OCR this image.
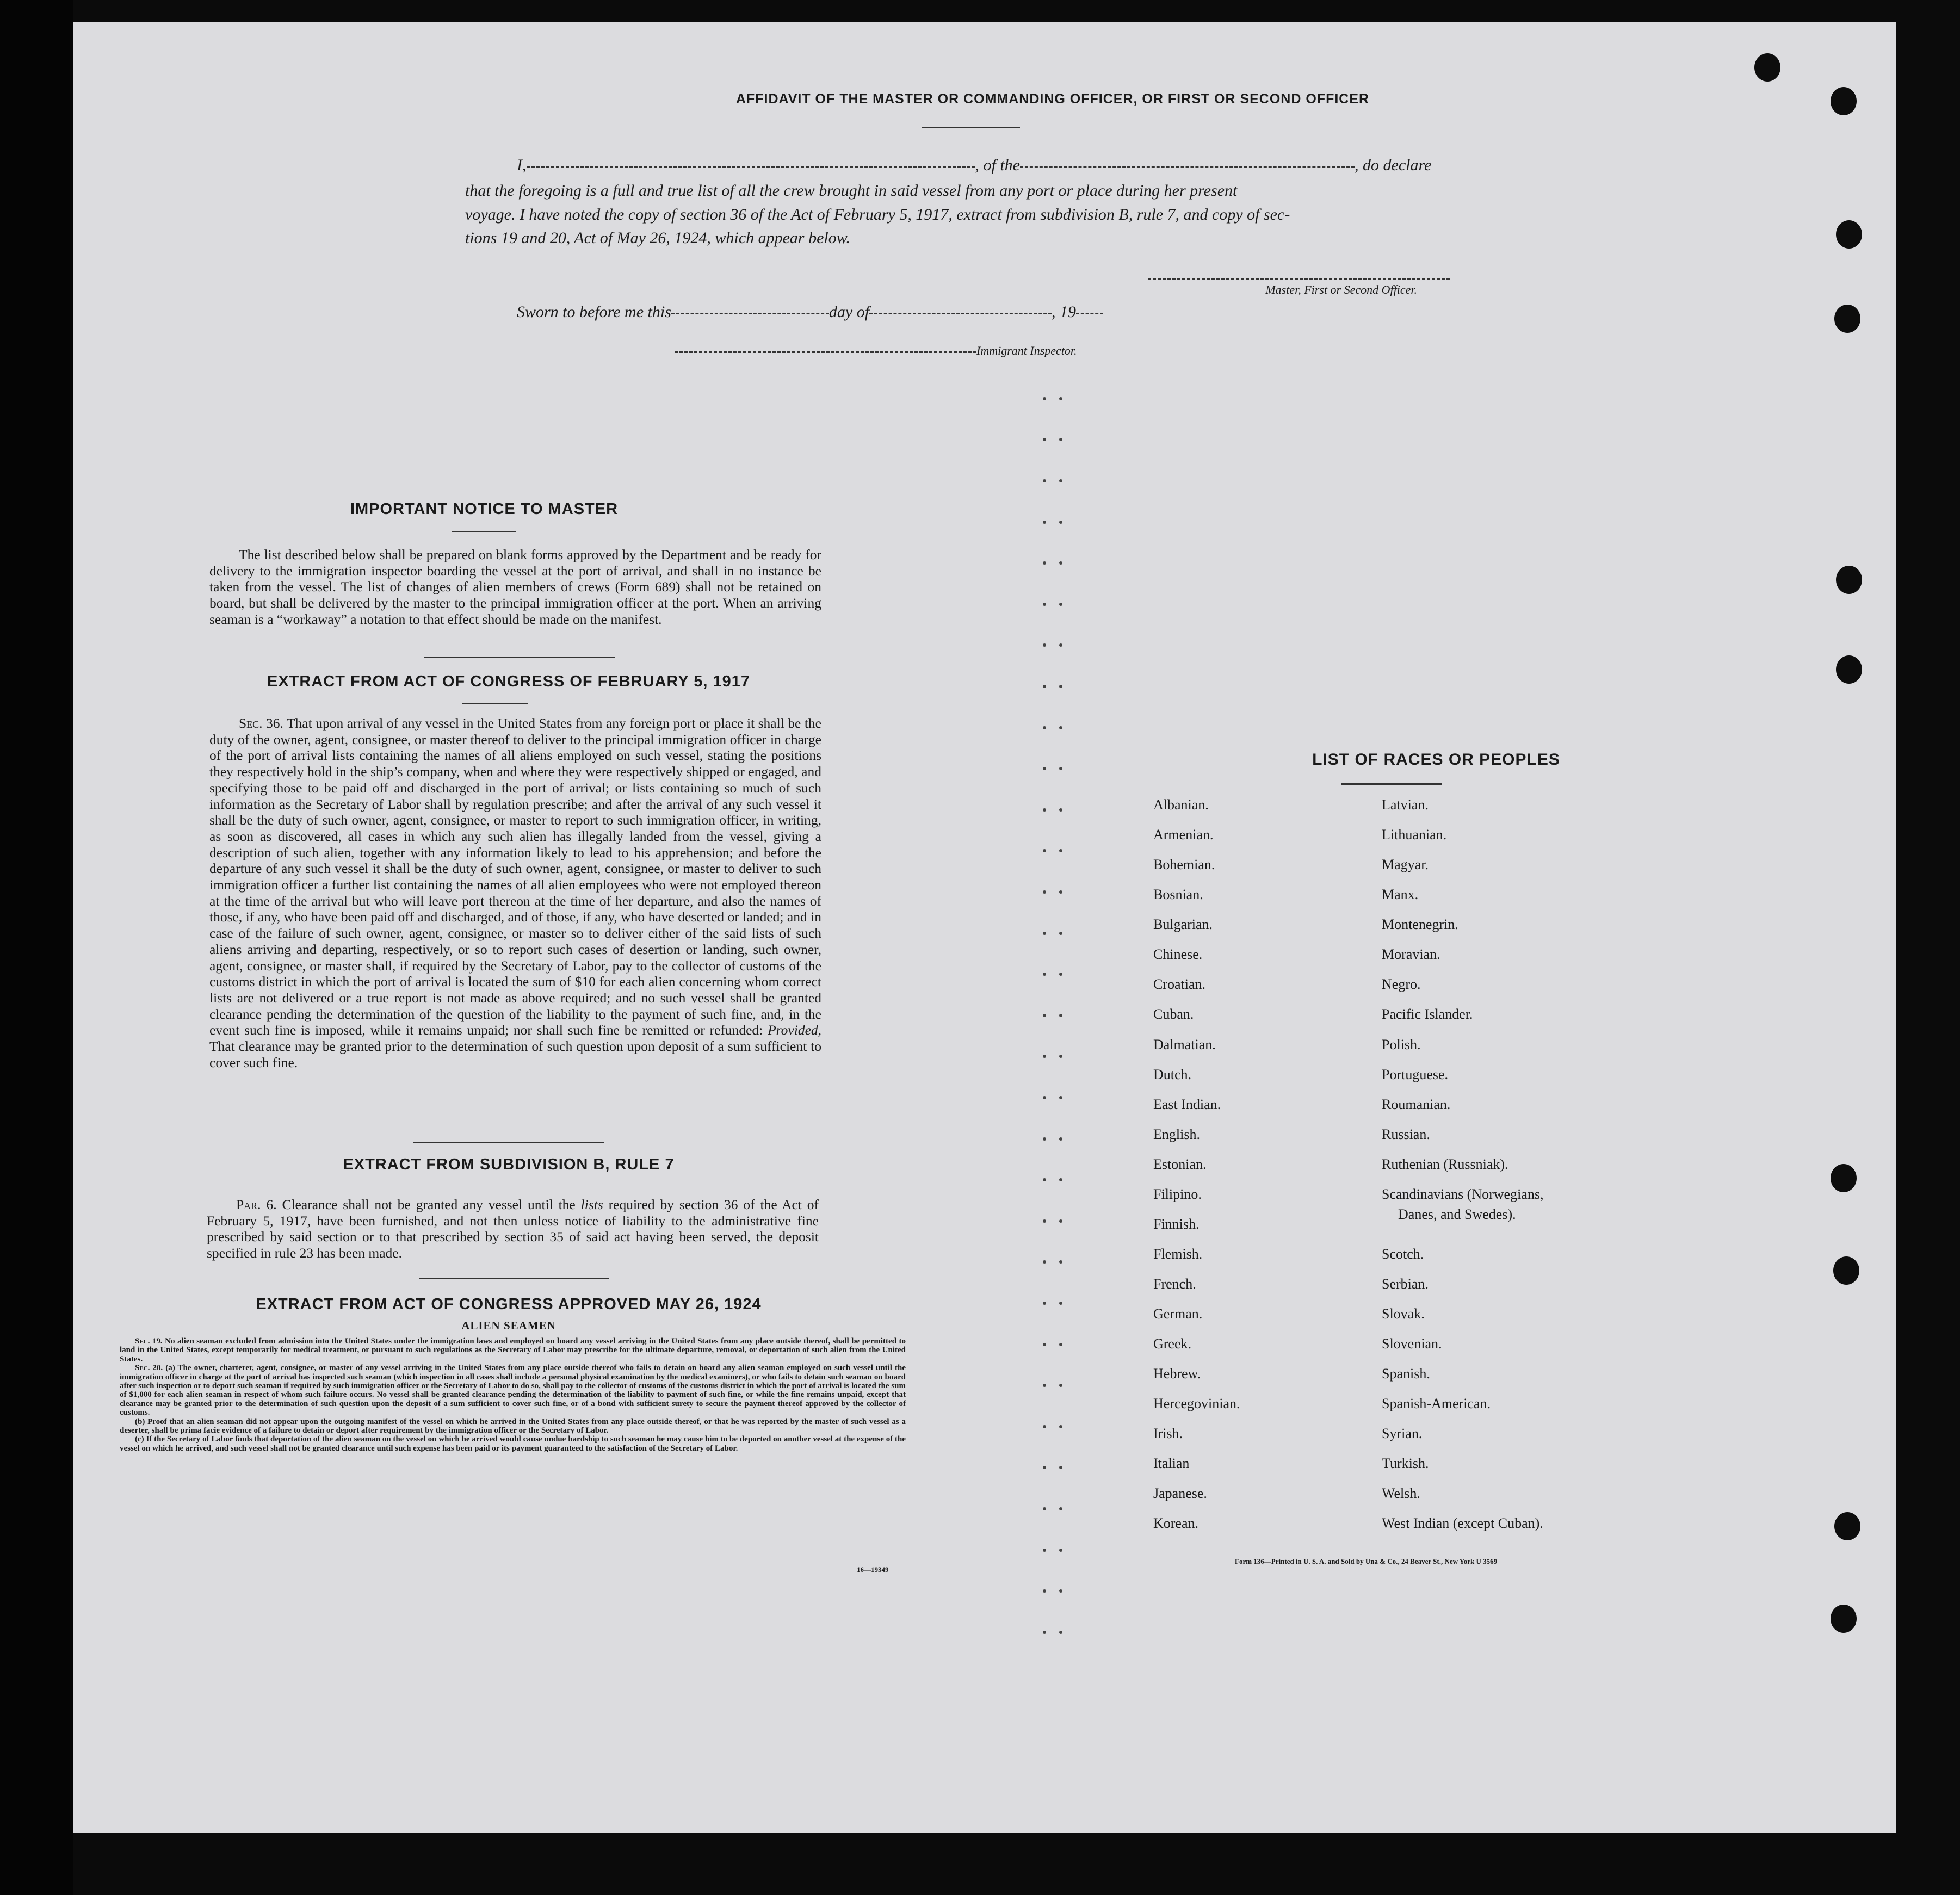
AFFIDAVIT OF THE MASTER OR COMMANDING OFFICER, OR FIRST OR SECOND OFFICER
I,	, of the	, do declare
that the foregoing is a full and true list of all the crew brought in said vessel from any port or place during her present
voyage. I have noted the copy of section 36 of the Act of February 5, 1917, extract from subdivision B, rule 7, and copy of sec-
tions 19 and 20, Act of May 26, 1924, which appear below.
Master, First or Second Officer.
Sworn to before me this	day of	, 19
Immigrant Inspector.
IMPORTANT NOTICE TO MASTER

The list described below shall be prepared on blank forms approved by the Department and be ready for delivery to the immigration inspector boarding the vessel at the port of arrival, and shall in no instance be taken from the vessel. The list of changes of alien members of crews (Form 689) shall not be retained on board, but shall be delivered by the master to the principal immigration officer at the port. When an arriving seaman is a “workaway” a notation to that effect should be made on the manifest.

EXTRACT FROM ACT OF CONGRESS OF FEBRUARY 5, 1917

Sec. 36. That upon arrival of any vessel in the United States from any foreign port or place it shall be the duty of the owner, agent, consignee, or master thereof to deliver to the principal immigration officer in charge of the port of arrival lists containing the names of all aliens employed on such vessel, stating the positions they respectively hold in the ship’s company, when and where they were respectively shipped or engaged, and specifying those to be paid off and discharged in the port of arrival; or lists containing so much of such information as the Secretary of Labor shall by regulation prescribe; and after the arrival of any such vessel it shall be the duty of such owner, agent, consignee, or master to report to such immigration officer, in writing, as soon as discovered, all cases in which any such alien has illegally landed from the vessel, giving a description of such alien, together with any information likely to lead to his apprehension; and before the departure of any such vessel it shall be the duty of such owner, agent, consignee, or master to deliver to such immigration officer a further list containing the names of all alien employees who were not employed thereon at the time of the arrival but who will leave port thereon at the time of her departure, and also the names of those, if any, who have been paid off and discharged, and of those, if any, who have deserted or landed; and in case of the failure of such owner, agent, consignee, or master so to deliver either of the said lists of such aliens arriving and departing, respectively, or so to report such cases of desertion or landing, such owner, agent, consignee, or master shall, if required by the Secretary of Labor, pay to the collector of customs of the customs district in which the port of arrival is located the sum of $10 for each alien concerning whom correct lists are not delivered or a true report is not made as above required; and no such vessel shall be granted clearance pending the determination of the question of the liability to the payment of such fine, and, in the event such fine is imposed, while it remains unpaid; nor shall such fine be remitted or refunded: Provided, That clearance may be granted prior to the determination of such question upon deposit of a sum sufficient to cover such fine.

EXTRACT FROM SUBDIVISION B, RULE 7

Par. 6. Clearance shall not be granted any vessel until the lists required by section 36 of the Act of February 5, 1917, have been furnished, and not then unless notice of liability to the administrative fine prescribed by said section or to that prescribed by section 35 of said act having been served, the deposit specified in rule 23 has been made.

EXTRACT FROM ACT OF CONGRESS APPROVED MAY 26, 1924
ALIEN SEAMEN

Sec. 19. No alien seaman excluded from admission into the United States under the immigration laws and employed on board any vessel arriving in the United States from any place outside thereof, shall be permitted to land in the United States, except temporarily for medical treatment, or pursuant to such regulations as the Secretary of Labor may prescribe for the ultimate departure, removal, or deportation of such alien from the United States.

Sec. 20. (a) The owner, charterer, agent, consignee, or master of any vessel arriving in the United States from any place outside thereof who fails to detain on board any alien seaman employed on such vessel until the immigration officer in charge at the port of arrival has inspected such seaman (which inspection in all cases shall include a personal physical examination by the medical examiners), or who fails to detain such seaman on board after such inspection or to deport such seaman if required by such immigration officer or the Secretary of Labor to do so, shall pay to the collector of customs of the customs district in which the port of arrival is located the sum of $1,000 for each alien seaman in respect of whom such failure occurs. No vessel shall be granted clearance pending the determination of the liability to payment of such fine, or while the fine remains unpaid, except that clearance may be granted prior to the determination of such question upon the deposit of a sum sufficient to cover such fine, or of a bond with sufficient surety to secure the payment thereof approved by the collector of customs.

(b) Proof that an alien seaman did not appear upon the outgoing manifest of the vessel on which he arrived in the United States from any place outside thereof, or that he was reported by the master of such vessel as a deserter, shall be prima facie evidence of a failure to detain or deport after requirement by the immigration officer or the Secretary of Labor.

(c) If the Secretary of Labor finds that deportation of the alien seaman on the vessel on which he arrived would cause undue hardship to such seaman he may cause him to be deported on another vessel at the expense of the vessel on which he arrived, and such vessel shall not be granted clearance until such expense has been paid or its payment guaranteed to the satisfaction of the Secretary of Labor.

16—19349
LIST OF RACES OR PEOPLES
Albanian.
Armenian.
Bohemian.
Bosnian.
Bulgarian.
Chinese.
Croatian.
Cuban.
Dalmatian.
Dutch.
East Indian.
English.
Estonian.
Filipino.
Finnish.
Flemish.
French.
German.
Greek.
Hebrew.
Hercegovinian.
Irish.
Italian
Japanese.
Korean.
Latvian.
Lithuanian.
Magyar.
Manx.
Montenegrin.
Moravian.
Negro.
Pacific Islander.
Polish.
Portuguese.
Roumanian.
Russian.
Ruthenian (Russniak).
Scandinavians (Norwegians,
Danes, and Swedes).
Scotch.
Serbian.
Slovak.
Slovenian.
Spanish.
Spanish-American.
Syrian.
Turkish.
Welsh.
West Indian (except Cuban).
Form 136—Printed in U. S. A. and Sold by Una & Co., 24 Beaver St., New York U 3569
